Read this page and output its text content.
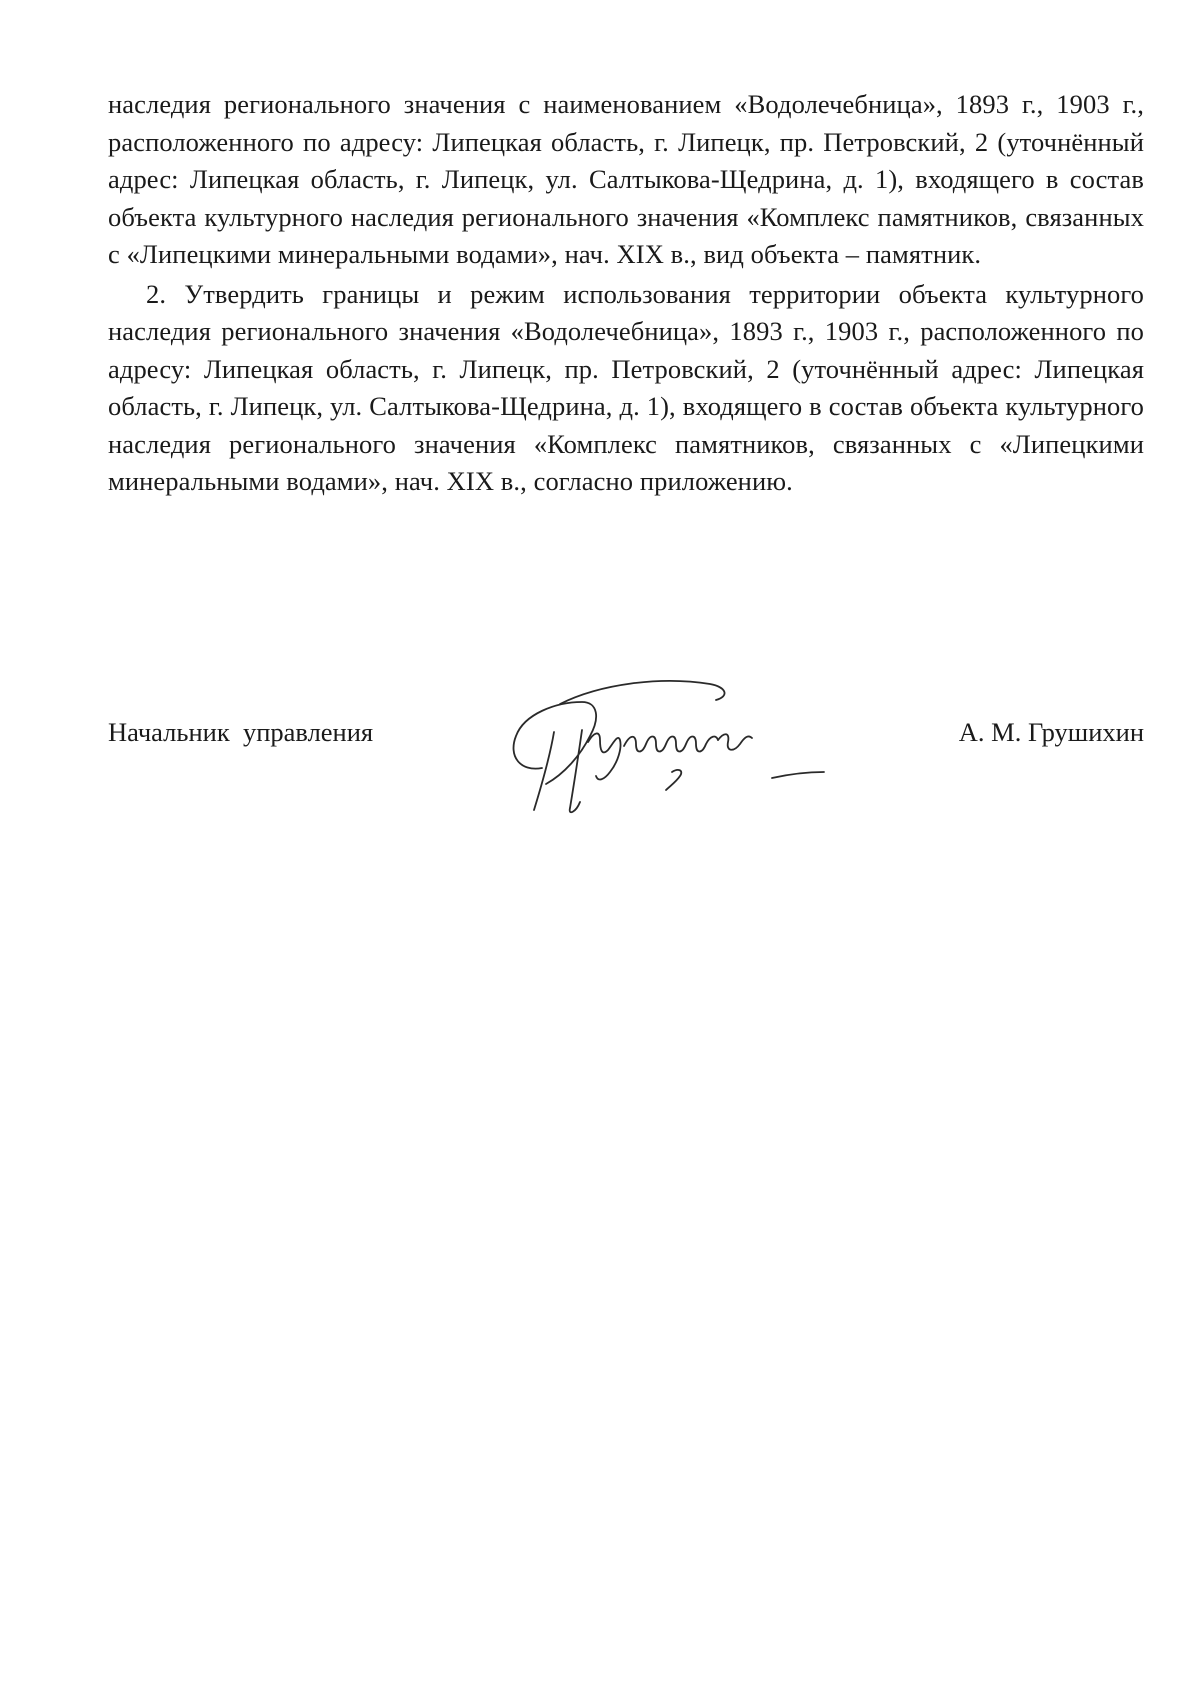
наследия регионального значения с наименованием «Водолечебница», 1893 г., 1903 г., расположенного по адресу: Липецкая область, г. Липецк, пр. Петровский, 2 (уточнённый адрес: Липецкая область, г. Липецк, ул. Салтыкова-Щедрина, д. 1), входящего в состав объекта культурного наследия регионального значения «Комплекс памятников, связанных с «Липецкими минеральными водами», нач. XIX в., вид объекта – памятник.

2. Утвердить границы и режим использования территории объекта культурного наследия регионального значения «Водолечебница», 1893 г., 1903 г., расположенного по адресу: Липецкая область, г. Липецк, пр. Петровский, 2 (уточнённый адрес: Липецкая область, г. Липецк, ул. Салтыкова-Щедрина, д. 1), входящего в состав объекта культурного наследия регионального значения «Комплекс памятников, связанных с «Липецкими минеральными водами», нач. XIX в., согласно приложению.

Начальник  управления	А. М. Грушихин
